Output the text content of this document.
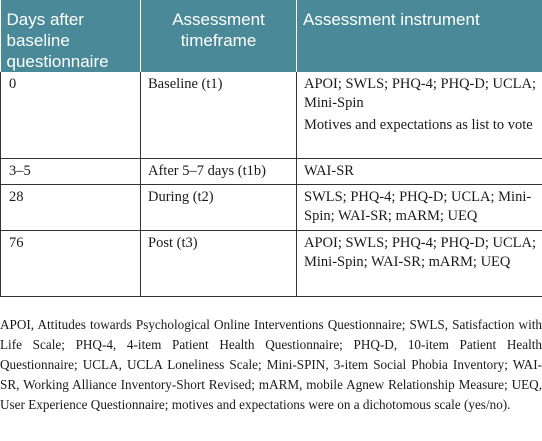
Days after baseline questionnaire	Assessment timeframe	Assessment instrument
0	Baseline (t1)	APOI; SWLS; PHQ-4; PHQ-D; UCLA; Mini-Spin
Motives and expectations as list to vote

3–5	After 5–7 days (t1b)	WAI-SR

28	During (t2)	SWLS; PHQ-4; PHQ-D; UCLA; Mini-Spin; WAI-SR; mARM; UEQ

76	Post (t3)	APOI; SWLS; PHQ-4; PHQ-D; UCLA; Mini-Spin; WAI-SR; mARM; UEQ
APOI, Attitudes towards Psychological Online Interventions Questionnaire; SWLS, Satisfaction with Life Scale; PHQ-4, 4-item Patient Health Questionnaire; PHQ-D, 10-item Patient Health Questionnaire; UCLA, UCLA Loneliness Scale; Mini-SPIN, 3-item Social Phobia Inventory; WAI-SR, Working Alliance Inventory-Short Revised; mARM, mobile Agnew Relationship Measure; UEQ, User Experience Questionnaire; motives and expectations were on a dichotomous scale (yes/no).
